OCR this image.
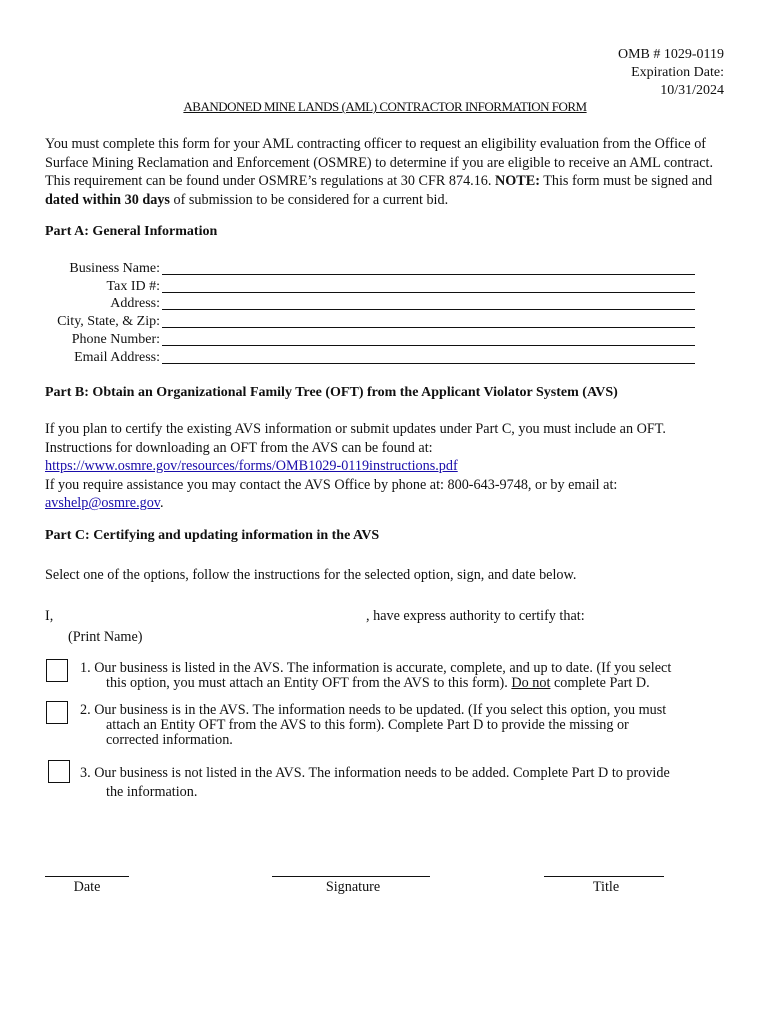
OMB # 1029-0119
Expiration Date:
10/31/2024
ABANDONED MINE LANDS (AML) CONTRACTOR INFORMATION FORM
You must complete this form for your AML contracting officer to request an eligibility evaluation from the Office of Surface Mining Reclamation and Enforcement (OSMRE) to determine if you are eligible to receive an AML contract. This requirement can be found under OSMRE’s regulations at 30 CFR 874.16. NOTE: This form must be signed and dated within 30 days of submission to be considered for a current bid.
Part A: General Information
Business Name:
Tax ID #:
Address:
City, State, & Zip:
Phone Number:
Email Address:
Part B: Obtain an Organizational Family Tree (OFT) from the Applicant Violator System (AVS)
If you plan to certify the existing AVS information or submit updates under Part C, you must include an OFT.
Instructions for downloading an OFT from the AVS can be found at:
https://www.osmre.gov/resources/forms/OMB1029-0119instructions.pdf
If you require assistance you may contact the AVS Office by phone at: 800-643-9748, or by email at:
avshelp@osmre.gov.
Part C: Certifying and updating information in the AVS
Select one of the options, follow the instructions for the selected option, sign, and date below.
I,	, have express authority to certify that:
(Print Name)
1. Our business is listed in the AVS. The information is accurate, complete, and up to date. (If you select
this option, you must attach an Entity OFT from the AVS to this form). Do not complete Part D.
2. Our business is in the AVS. The information needs to be updated. (If you select this option, you must
attach an Entity OFT from the AVS to this form). Complete Part D to provide the missing or
corrected information.
3. Our business is not listed in the AVS. The information needs to be added. Complete Part D to provide
the information.
Date	Signature	Title
